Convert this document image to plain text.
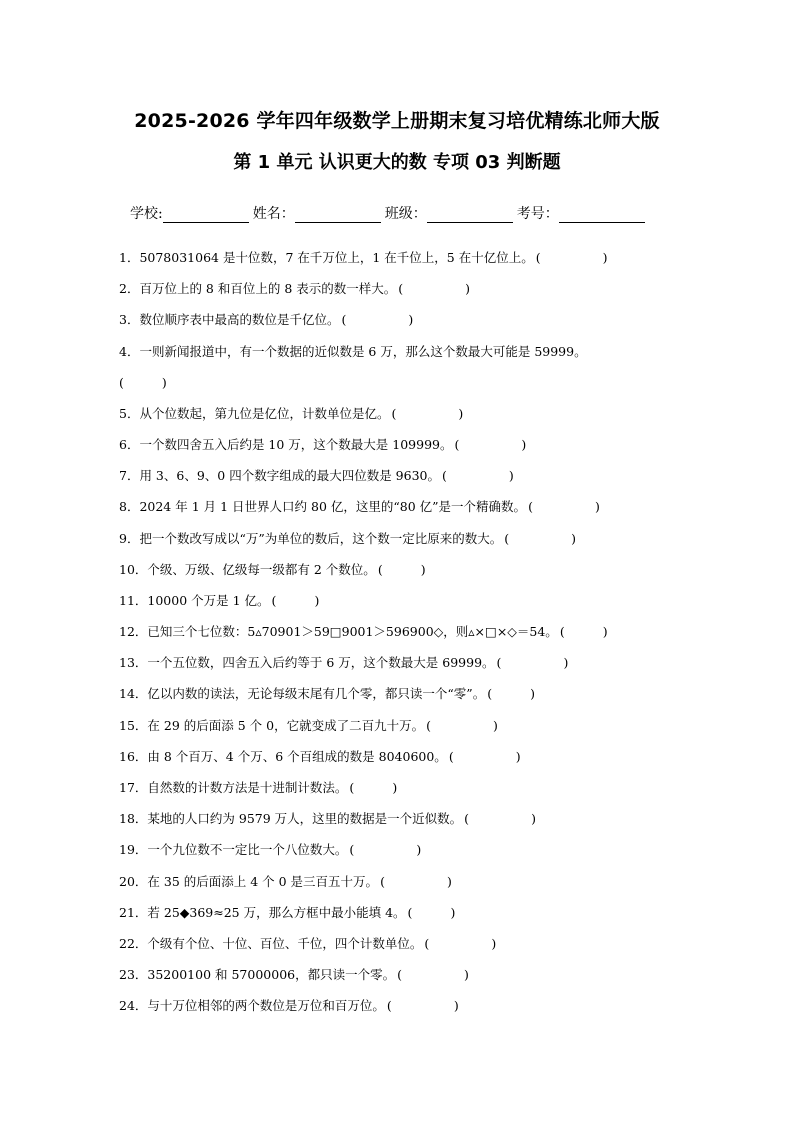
2025-2026 学年四年级数学上册期末复习培优精练北师大版
第 1 单元 认识更大的数 专项 03 判断题
学校:	姓名：	班级：	考号：
1．5078031064 是十位数，7 在千万位上，1 在千位上，5 在十亿位上。 (	)
2．百万位上的 8 和百位上的 8 表示的数一样大。 (	)
3．数位顺序表中最高的数位是千亿位。 (	)
4．一则新闻报道中，有一个数据的近似数是 6 万，那么这个数最大可能是 59999。
(	)
5．从个位数起，第九位是亿位，计数单位是亿。 (	)
6．一个数四舍五入后约是 10 万，这个数最大是 109999。 (	)
7．用 3、6、9、0 四个数字组成的最大四位数是 9630。 (	)
8．2024 年 1 月 1 日世界人口约 80 亿，这里的“80 亿”是一个精确数。 (	)
9．把一个数改写成以“万”为单位的数后，这个数一定比原来的数大。 (	)
10．个级、万级、亿级每一级都有 2 个数位。 (	)
11．10000 个万是 1 亿。 (	)
12．已知三个七位数：5▵70901＞59□9001＞596900◇，则▵×□×◇＝54。 (	)
13．一个五位数，四舍五入后约等于 6 万，这个数最大是 69999。 (	)
14．亿以内数的读法，无论每级末尾有几个零，都只读一个“零”。 (	)
15．在 29 的后面添 5 个 0，它就变成了二百九十万。 (	)
16．由 8 个百万、4 个万、6 个百组成的数是 8040600。 (	)
17．自然数的计数方法是十进制计数法。 (	)
18．某地的人口约为 9579 万人，这里的数据是一个近似数。 (	)
19．一个九位数不一定比一个八位数大。 (	)
20．在 35 的后面添上 4 个 0 是三百五十万。 (	)
21．若 25◆369≈25 万，那么方框中最小能填 4。 (	)
22．个级有个位、十位、百位、千位，四个计数单位。 (	)
23．35200100 和 57000006，都只读一个零。 (	)
24．与十万位相邻的两个数位是万位和百万位。 (	)
